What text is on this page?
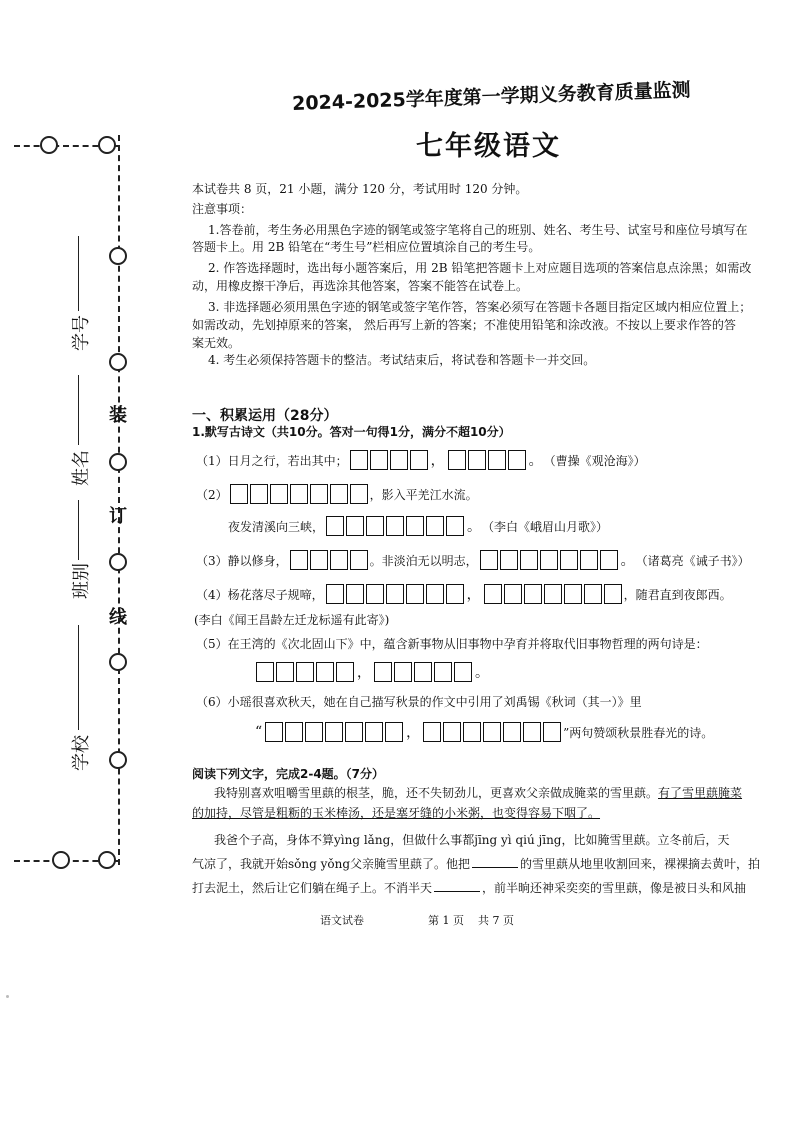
装
订
线
学号
姓名
班别
学校
2024-2025学年度第一学期义务教育质量监测
七年级语文
本试卷共 8 页，21 小题，满分 120 分，考试用时 120 分钟。
注意事项：
1.答卷前，考生务必用黑色字迹的钢笔或签字笔将自己的班别、姓名、考生号、试室号和座位号填写在
答题卡上。用 2B 铅笔在“考生号”栏相应位置填涂自己的考生号。
2. 作答选择题时，选出每小题答案后，用 2B 铅笔把答题卡上对应题目选项的答案信息点涂黑；如需改
动，用橡皮擦干净后，再选涂其他答案，答案不能答在试卷上。
3. 非选择题必须用黑色字迹的钢笔或签字笔作答，答案必须写在答题卡各题目指定区域内相应位置上；
如需改动，先划掉原来的答案， 然后再写上新的答案；不准使用铅笔和涂改液。不按以上要求作答的答
案无效。
4. 考生必须保持答题卡的整洁。考试结束后，将试卷和答题卡一并交回。
一、积累运用（28分）
1.默写古诗文（共10分。答对一句得1分，满分不超10分）
（1）日月之行，若出其中；	，	。 （曹操《观沧海》）
（2）	，影入平羌江水流。
夜发清溪向三峡，	。 （李白《峨眉山月歌》）
（3）静以修身，	。非淡泊无以明志，	。 （诸葛亮《诫子书》）
（4）杨花落尽子规啼，	，	，随君直到夜郎西。
(李白《闻王昌龄左迁龙标遥有此寄》)
（5）在王湾的《次北固山下》中，蕴含新事物从旧事物中孕育并将取代旧事物哲理的两句诗是：
，	。
（6）小瑶很喜欢秋天，她在自己描写秋景的作文中引用了刘禹锡《秋词（其一）》里
“	，	”两句赞颂秋景胜春光的诗。
阅读下列文字，完成2-4题。（7分）
我特别喜欢咀嚼雪里蕻的根茎，脆，还不失韧劲儿，更喜欢父亲做成腌菜的雪里蕻。有了雪里蕻腌菜
的加持，尽管是粗粝的玉米棒汤，还是塞牙缝的小米粥，也变得容易下咽了。
我爸个子高，身体不算yìng lǎng，但做什么事都jīng yì qiú jīng，比如腌雪里蕻。立冬前后，天
气凉了，我就开始sǒng yǒng父亲腌雪里蕻了。他把	的雪里蕻从地里收割回来，裸裸摘去黄叶，拍
打去泥土，然后让它们躺在绳子上。不消半天	，前半晌还神采奕奕的雪里蕻，像是被日头和风抽
语文试卷	第 1 页 共 7 页
